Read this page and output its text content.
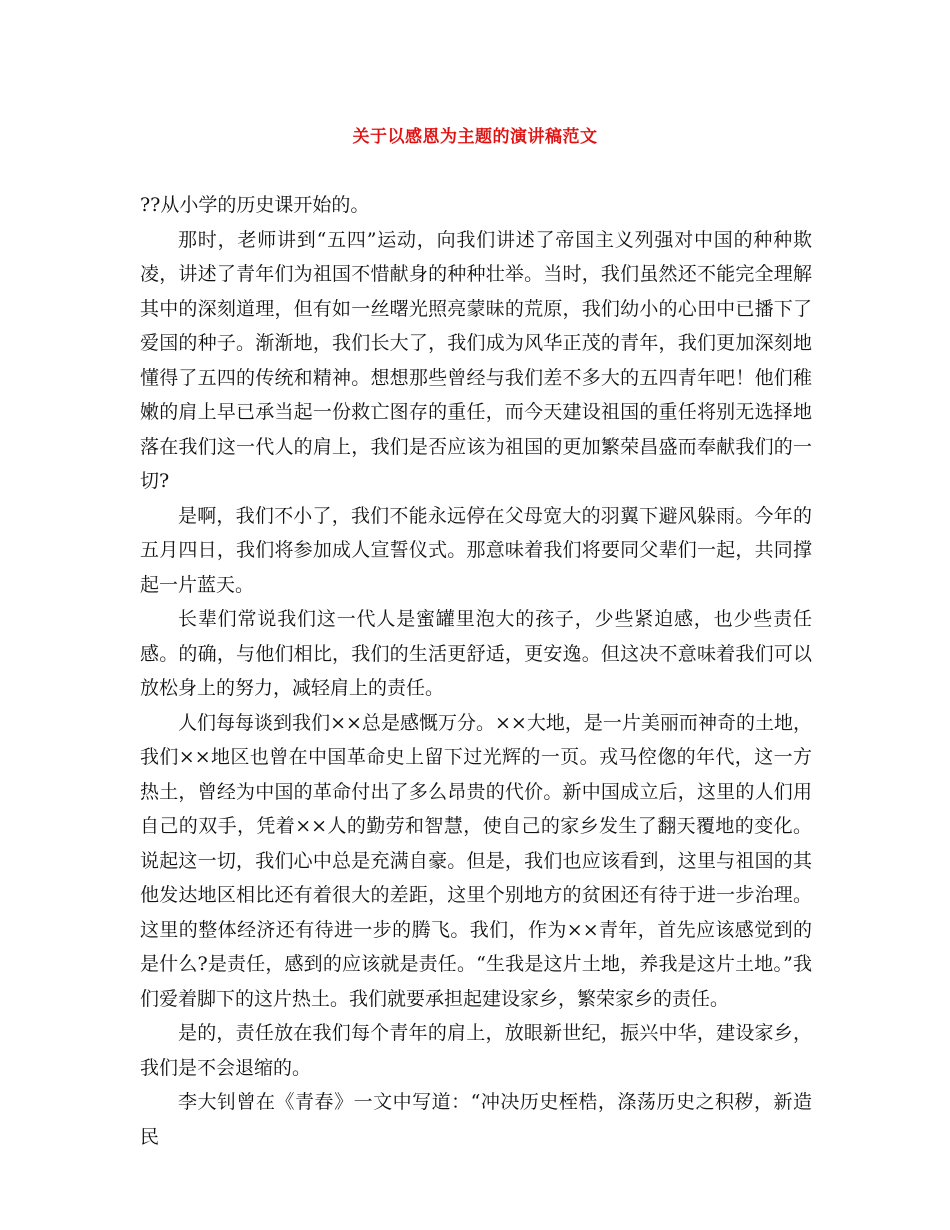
关于以感恩为主题的演讲稿范文

??从小学的历史课开始的。

那时，老师讲到“五四”运动，向我们讲述了帝国主义列强对中国的种种欺凌，讲述了青年们为祖国不惜献身的种种壮举。当时，我们虽然还不能完全理解其中的深刻道理，但有如一丝曙光照亮蒙昧的荒原，我们幼小的心田中已播下了爱国的种子。渐渐地，我们长大了，我们成为风华正茂的青年，我们更加深刻地懂得了五四的传统和精神。想想那些曾经与我们差不多大的五四青年吧！他们稚嫩的肩上早已承当起一份救亡图存的重任，而今天建设祖国的重任将别无选择地落在我们这一代人的肩上，我们是否应该为祖国的更加繁荣昌盛而奉献我们的一切?

是啊，我们不小了，我们不能永远停在父母宽大的羽翼下避风躲雨。今年的五月四日，我们将参加成人宣誓仪式。那意味着我们将要同父辈们一起，共同撑起一片蓝天。

长辈们常说我们这一代人是蜜罐里泡大的孩子，少些紧迫感，也少些责任感。的确，与他们相比，我们的生活更舒适，更安逸。但这决不意味着我们可以放松身上的努力，减轻肩上的责任。

人们每每谈到我们××总是感慨万分。××大地，是一片美丽而神奇的土地，我们××地区也曾在中国革命史上留下过光辉的一页。戎马倥偬的年代，这一方热土，曾经为中国的革命付出了多么昂贵的代价。新中国成立后，这里的人们用自己的双手，凭着××人的勤劳和智慧，使自己的家乡发生了翻天覆地的变化。说起这一切，我们心中总是充满自豪。但是，我们也应该看到，这里与祖国的其他发达地区相比还有着很大的差距，这里个别地方的贫困还有待于进一步治理。这里的整体经济还有待进一步的腾飞。我们，作为××青年，首先应该感觉到的是什么?是责任，感到的应该就是责任。“生我是这片土地，养我是这片土地。”我们爱着脚下的这片热土。我们就要承担起建设家乡，繁荣家乡的责任。

是的，责任放在我们每个青年的肩上，放眼新世纪，振兴中华，建设家乡，我们是不会退缩的。

李大钊曾在《青春》一文中写道：“冲决历史桎梏，涤荡历史之积秽，新造民
